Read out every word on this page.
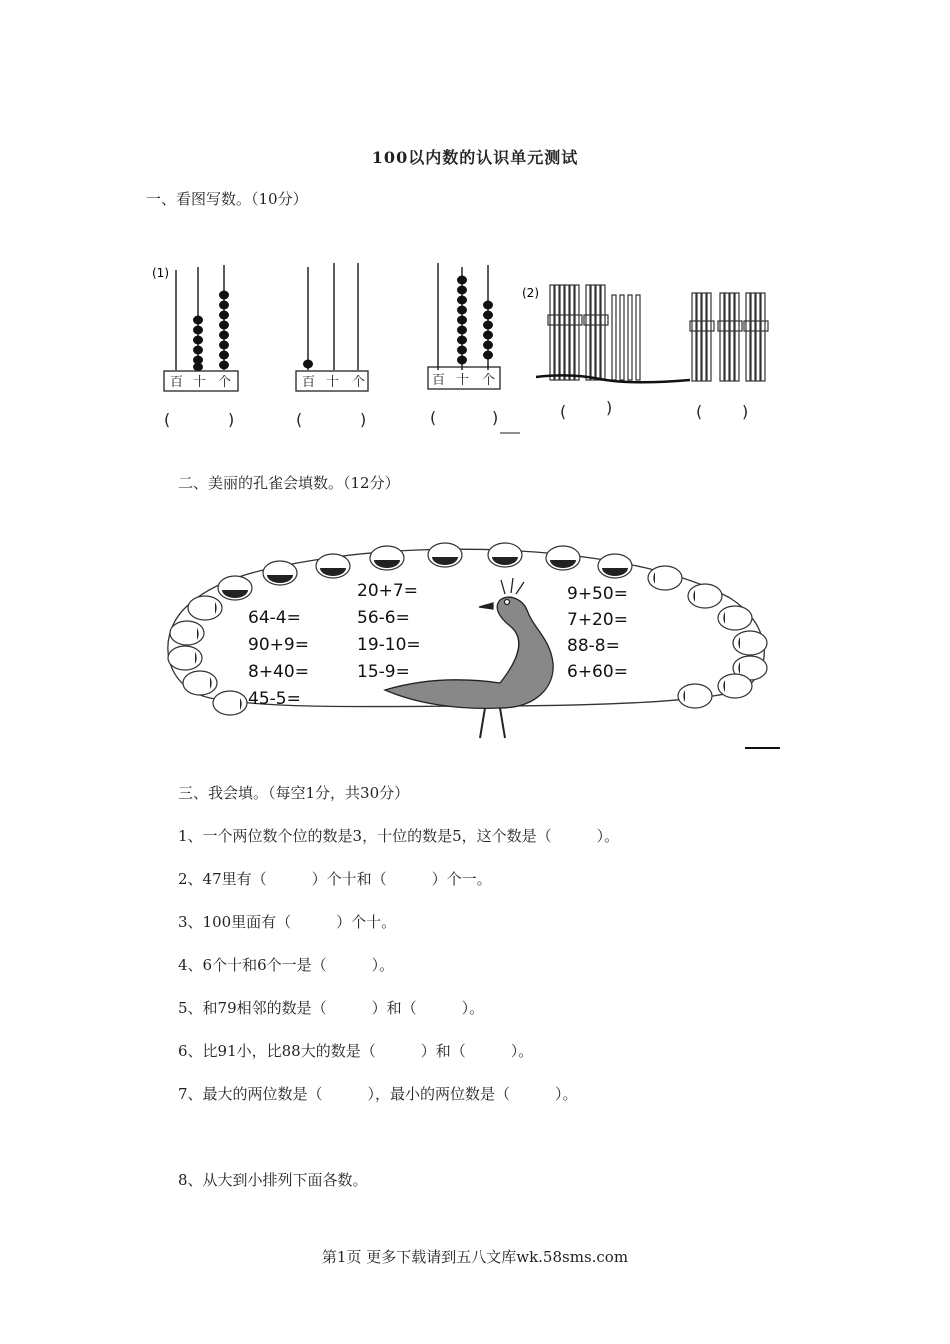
100以内数的认识单元测试
一、看图写数。（10分）
(1)
(2)
百 十 个	百 十 个	百 十 个
(	)	(	)	(	)	( )	( )
二、美丽的孔雀会填数。（12分）
64-4=
90+9=
8+40=
45-5=
20+7=
56-6=
19-10=
15-9=
9+50=
7+20=
88-8=
6+60=
三、我会填。（每空1分，共30分）
1、一个两位数个位的数是3，十位的数是5，这个数是（　　　）。
2、47里有（　　　）个十和（　　　）个一。
3、100里面有（　　　）个十。
4、6个十和6个一是（　　　）。
5、和79相邻的数是（　　　）和（　　　）。
6、比91小，比88大的数是（　　　）和（　　　）。
7、最大的两位数是（　　　），最小的两位数是（　　　）。
8、从大到小排列下面各数。
第1页 更多下载请到五八文库wk.58sms.com
